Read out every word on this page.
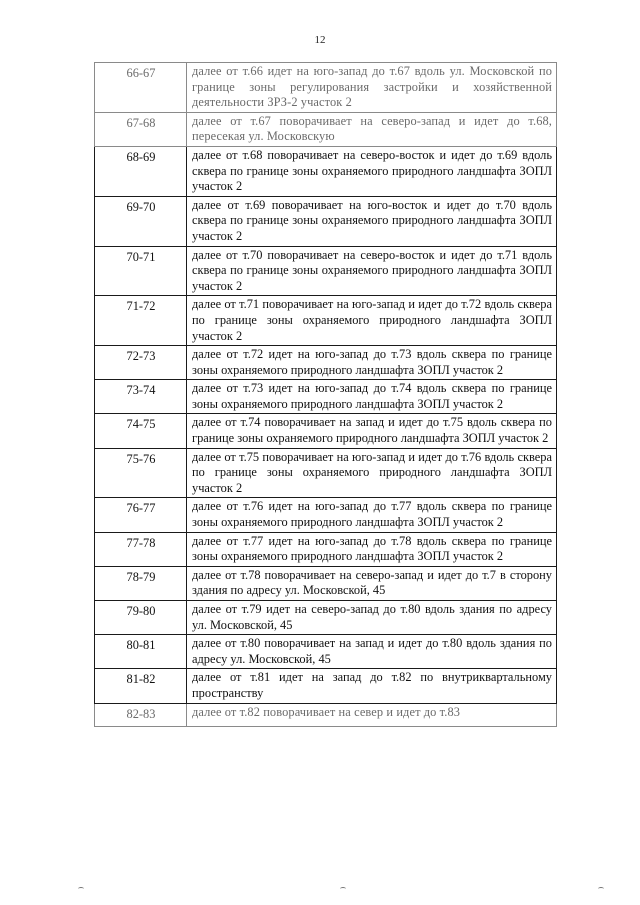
12
66-67	далее от т.66 идет на юго-запад до т.67 вдоль ул. Московской по границе зоны регулирования застройки и хозяйственной деятельности ЗРЗ-2 участок 2
67-68	далее от т.67 поворачивает на северо-запад и идет до т.68, пересекая ул. Московскую
68-69	далее от т.68 поворачивает на северо-восток и идет до т.69 вдоль сквера по границе зоны охраняемого природного ландшафта ЗОПЛ участок 2
69-70	далее от т.69 поворачивает на юго-восток и идет до т.70 вдоль сквера по границе зоны охраняемого природного ландшафта ЗОПЛ участок 2
70-71	далее от т.70 поворачивает на северо-восток и идет до т.71 вдоль сквера по границе зоны охраняемого природного ландшафта ЗОПЛ участок 2
71-72	далее от т.71 поворачивает на юго-запад и идет до т.72 вдоль сквера по границе зоны охраняемого природного ландшафта ЗОПЛ участок 2
72-73	далее от т.72 идет на юго-запад до т.73 вдоль сквера по границе зоны охраняемого природного ландшафта ЗОПЛ участок 2
73-74	далее от т.73 идет на юго-запад до т.74 вдоль сквера по границе зоны охраняемого природного ландшафта ЗОПЛ участок 2
74-75	далее от т.74 поворачивает на запад и идет до т.75 вдоль сквера по границе зоны охраняемого природного ландшафта ЗОПЛ участок 2
75-76	далее от т.75 поворачивает на юго-запад и идет до т.76 вдоль сквера по границе зоны охраняемого природного ландшафта ЗОПЛ участок 2
76-77	далее от т.76 идет на юго-запад до т.77 вдоль сквера по границе зоны охраняемого природного ландшафта ЗОПЛ участок 2
77-78	далее от т.77 идет на юго-запад до т.78 вдоль сквера по границе зоны охраняемого природного ландшафта ЗОПЛ участок 2
78-79	далее от т.78 поворачивает на северо-запад и идет до т.7 в сторону здания по адресу ул. Московской, 45
79-80	далее от т.79 идет на северо-запад до т.80 вдоль здания по адресу ул. Московской, 45
80-81	далее от т.80 поворачивает на запад и идет до т.80 вдоль здания по адресу ул. Московской, 45
81-82	далее от т.81 идет на запад до т.82 по внутриквартальному пространству
82-83	далее от т.82 поворачивает на север и идет до т.83
